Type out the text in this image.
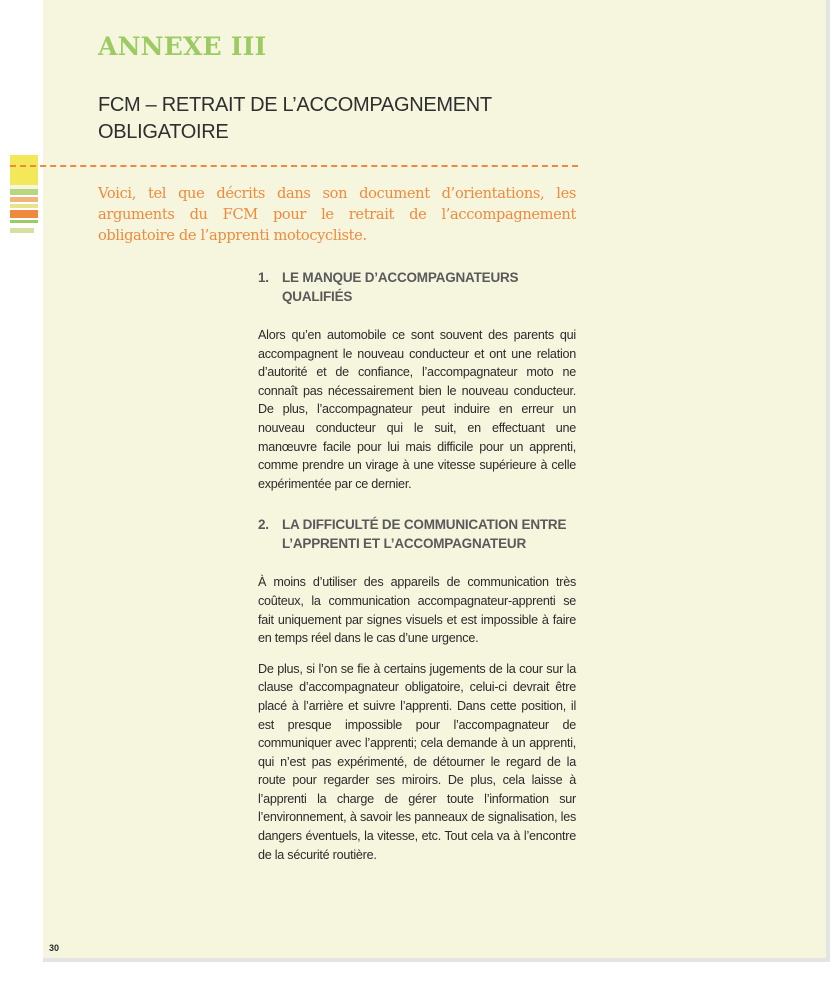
ANNEXE III
FCM – RETRAIT DE L’ACCOMPAGNEMENT OBLIGATOIRE

Voici, tel que décrits dans son document d’orientations, les arguments du FCM pour le retrait de l’accompagnement obligatoire de l’apprenti motocycliste.

1. LE MANQUE D’ACCOMPAGNATEURS QUALIFIÉS

Alors qu’en automobile ce sont souvent des parents qui accompagnent le nouveau conducteur et ont une relation d’autorité et de confiance, l’accompagnateur moto ne connaît pas nécessairement bien le nouveau conducteur. De plus, l’accompagnateur peut induire en erreur un nouveau conducteur qui le suit, en effectuant une manœuvre facile pour lui mais difficile pour un apprenti, comme prendre un virage à une vitesse supérieure à celle expérimentée par ce dernier.

2. LA DIFFICULTÉ DE COMMUNICATION ENTRE L’APPRENTI ET L’ACCOMPAGNATEUR

À moins d’utiliser des appareils de communication très coûteux, la communication accompagnateur-apprenti se fait uniquement par signes visuels et est impossible à faire en temps réel dans le cas d’une urgence.

De plus, si l’on se fie à certains jugements de la cour sur la clause d’accompagnateur obligatoire, celui-ci devrait être placé à l’arrière et suivre l’apprenti. Dans cette position, il est presque impossible pour l’accompagnateur de communiquer avec l’apprenti; cela demande à un apprenti, qui n’est pas expérimenté, de détourner le regard de la route pour regarder ses miroirs. De plus, cela laisse à l’apprenti la charge de gérer toute l’information sur l’environnement, à savoir les panneaux de signalisation, les dangers éventuels, la vitesse, etc. Tout cela va à l’encontre de la sécurité routière.

30
